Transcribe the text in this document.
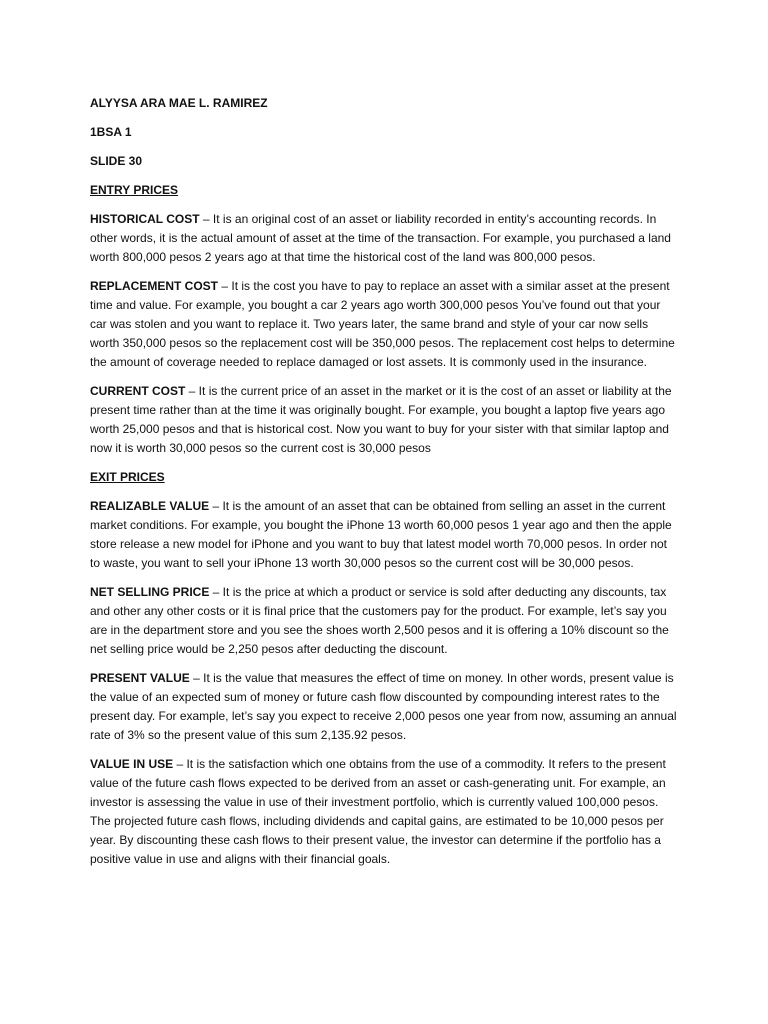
ALYYSA ARA MAE L. RAMIREZ

1BSA 1

SLIDE 30

ENTRY PRICES

HISTORICAL COST – It is an original cost of an asset or liability recorded in entity’s accounting records. In other words, it is the actual amount of asset at the time of the transaction. For example, you purchased a land worth 800,000 pesos 2 years ago at that time the historical cost of the land was 800,000 pesos.

REPLACEMENT COST – It is the cost you have to pay to replace an asset with a similar asset at the present time and value. For example, you bought a car 2 years ago worth 300,000 pesos You’ve found out that your car was stolen and you want to replace it. Two years later, the same brand and style of your car now sells worth 350,000 pesos so the replacement cost will be 350,000 pesos. The replacement cost helps to determine the amount of coverage needed to replace damaged or lost assets. It is commonly used in the insurance.

CURRENT COST – It is the current price of an asset in the market or it is the cost of an asset or liability at the present time rather than at the time it was originally bought. For example, you bought a laptop five years ago worth 25,000 pesos and that is historical cost. Now you want to buy for your sister with that similar laptop and now it is worth 30,000 pesos so the current cost is 30,000 pesos

EXIT PRICES

REALIZABLE VALUE – It is the amount of an asset that can be obtained from selling an asset in the current market conditions. For example, you bought the iPhone 13 worth 60,000 pesos 1 year ago and then the apple store release a new model for iPhone and you want to buy that latest model worth 70,000 pesos. In order not to waste, you want to sell your iPhone 13 worth 30,000 pesos so the current cost will be 30,000 pesos.

NET SELLING PRICE – It is the price at which a product or service is sold after deducting any discounts, tax and other any other costs or it is final price that the customers pay for the product. For example, let’s say you are in the department store and you see the shoes worth 2,500 pesos and it is offering a 10% discount so the net selling price would be 2,250 pesos after deducting the discount.

PRESENT VALUE – It is the value that measures the effect of time on money. In other words, present value is the value of an expected sum of money or future cash flow discounted by compounding interest rates to the present day. For example, let’s say you expect to receive 2,000 pesos one year from now, assuming an annual rate of 3% so the present value of this sum 2,135.92 pesos.

VALUE IN USE – It is the satisfaction which one obtains from the use of a commodity. It refers to the present value of the future cash flows expected to be derived from an asset or cash-generating unit. For example, an investor is assessing the value in use of their investment portfolio, which is currently valued 100,000 pesos. The projected future cash flows, including dividends and capital gains, are estimated to be 10,000 pesos per year. By discounting these cash flows to their present value, the investor can determine if the portfolio has a positive value in use and aligns with their financial goals.
